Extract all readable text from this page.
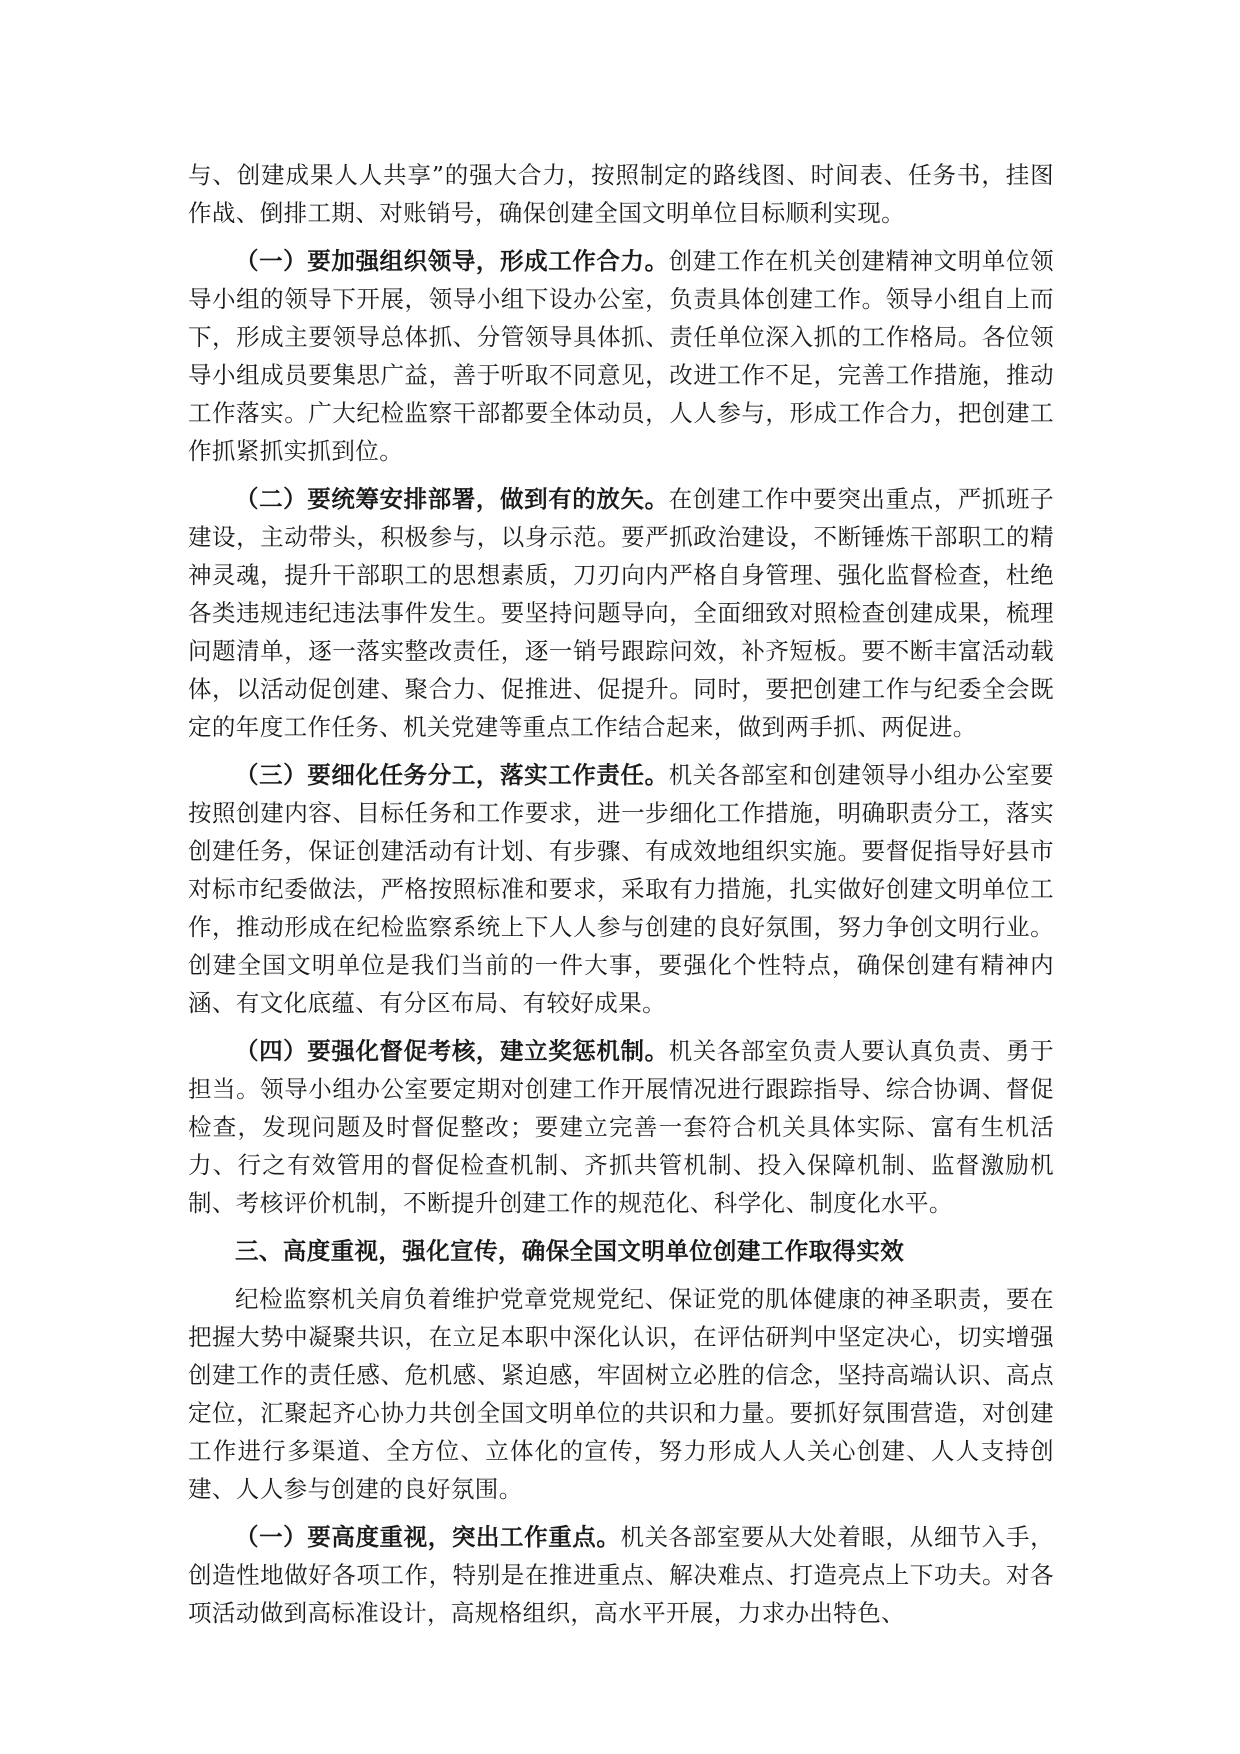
与、创建成果人人共享”的强大合力，按照制定的路线图、时间表、任务书，挂图作战、倒排工期、对账销号，确保创建全国文明单位目标顺利实现。

（一）要加强组织领导，形成工作合力。创建工作在机关创建精神文明单位领导小组的领导下开展，领导小组下设办公室，负责具体创建工作。领导小组自上而下，形成主要领导总体抓、分管领导具体抓、责任单位深入抓的工作格局。各位领导小组成员要集思广益，善于听取不同意见，改进工作不足，完善工作措施，推动工作落实。广大纪检监察干部都要全体动员，人人参与，形成工作合力，把创建工作抓紧抓实抓到位。

（二）要统筹安排部署，做到有的放矢。在创建工作中要突出重点，严抓班子建设，主动带头，积极参与，以身示范。要严抓政治建设，不断锤炼干部职工的精神灵魂，提升干部职工的思想素质，刀刃向内严格自身管理、强化监督检查，杜绝各类违规违纪违法事件发生。要坚持问题导向，全面细致对照检查创建成果，梳理问题清单，逐一落实整改责任，逐一销号跟踪问效，补齐短板。要不断丰富活动载体，以活动促创建、聚合力、促推进、促提升。同时，要把创建工作与纪委全会既定的年度工作任务、机关党建等重点工作结合起来，做到两手抓、两促进。

（三）要细化任务分工，落实工作责任。机关各部室和创建领导小组办公室要按照创建内容、目标任务和工作要求，进一步细化工作措施，明确职责分工，落实创建任务，保证创建活动有计划、有步骤、有成效地组织实施。要督促指导好县市对标市纪委做法，严格按照标准和要求，采取有力措施，扎实做好创建文明单位工作，推动形成在纪检监察系统上下人人参与创建的良好氛围，努力争创文明行业。创建全国文明单位是我们当前的一件大事，要强化个性特点，确保创建有精神内涵、有文化底蕴、有分区布局、有较好成果。

（四）要强化督促考核，建立奖惩机制。机关各部室负责人要认真负责、勇于担当。领导小组办公室要定期对创建工作开展情况进行跟踪指导、综合协调、督促检查，发现问题及时督促整改；要建立完善一套符合机关具体实际、富有生机活力、行之有效管用的督促检查机制、齐抓共管机制、投入保障机制、监督激励机制、考核评价机制，不断提升创建工作的规范化、科学化、制度化水平。

三、高度重视，强化宣传，确保全国文明单位创建工作取得实效

纪检监察机关肩负着维护党章党规党纪、保证党的肌体健康的神圣职责，要在把握大势中凝聚共识，在立足本职中深化认识，在评估研判中坚定决心，切实增强创建工作的责任感、危机感、紧迫感，牢固树立必胜的信念，坚持高端认识、高点定位，汇聚起齐心协力共创全国文明单位的共识和力量。要抓好氛围营造，对创建工作进行多渠道、全方位、立体化的宣传，努力形成人人关心创建、人人支持创建、人人参与创建的良好氛围。

（一）要高度重视，突出工作重点。机关各部室要从大处着眼，从细节入手，创造性地做好各项工作，特别是在推进重点、解决难点、打造亮点上下功夫。对各项活动做到高标准设计，高规格组织，高水平开展，力求办出特色、
